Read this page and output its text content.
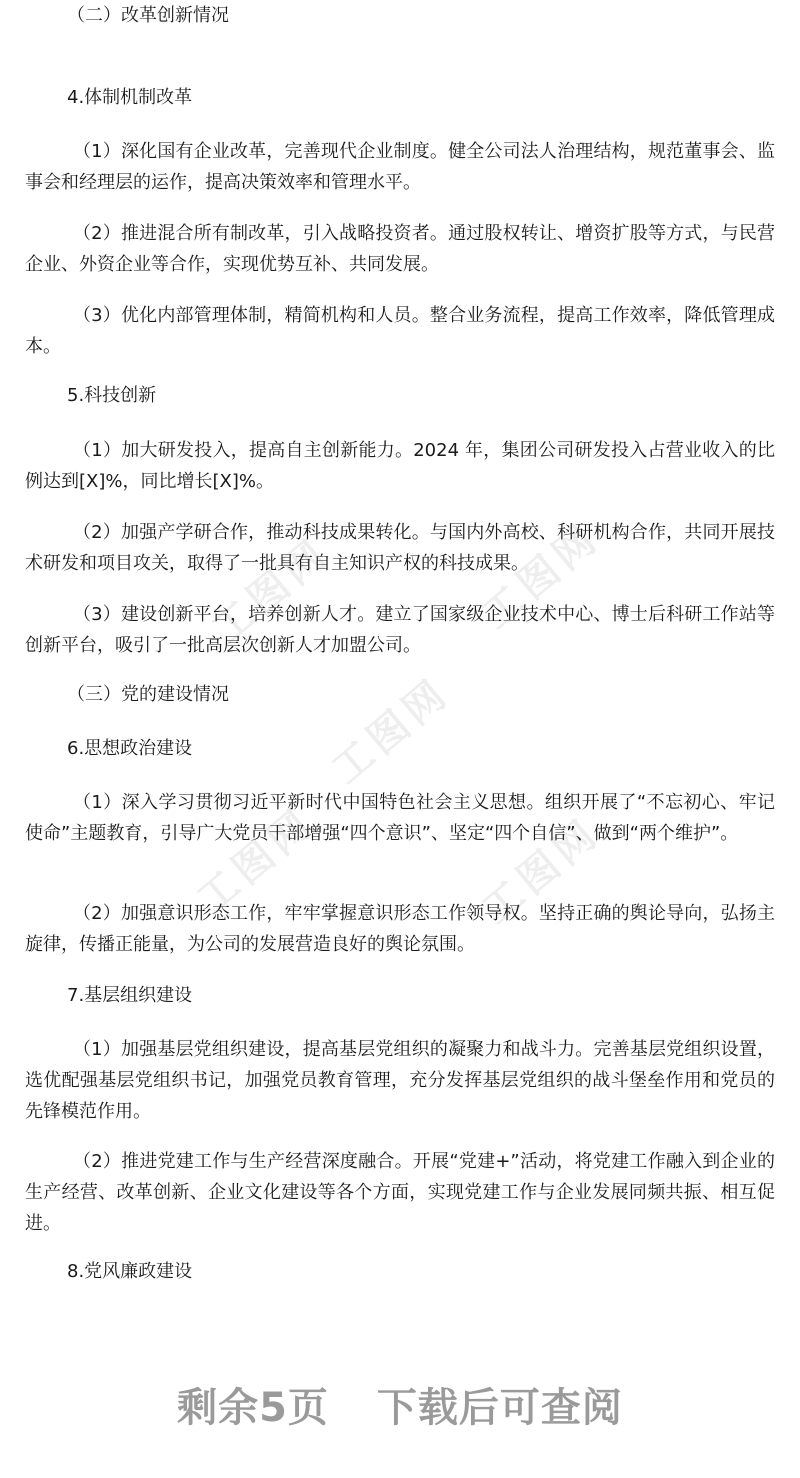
工图网	工图网
工图网
工图网	工图网

（二）改革创新情况

4.体制机制改革

（1）深化国有企业改革，完善现代企业制度。健全公司法人治理结构，规范董事会、监事会和经理层的运作，提高决策效率和管理水平。

（2）推进混合所有制改革，引入战略投资者。通过股权转让、增资扩股等方式，与民营企业、外资企业等合作，实现优势互补、共同发展。

（3）优化内部管理体制，精简机构和人员。整合业务流程，提高工作效率，降低管理成本。

5.科技创新

（1）加大研发投入，提高自主创新能力。2024 年，集团公司研发投入占营业收入的比例达到[X]%，同比增长[X]%。

（2）加强产学研合作，推动科技成果转化。与国内外高校、科研机构合作，共同开展技术研发和项目攻关，取得了一批具有自主知识产权的科技成果。

（3）建设创新平台，培养创新人才。建立了国家级企业技术中心、博士后科研工作站等创新平台，吸引了一批高层次创新人才加盟公司。

（三）党的建设情况

6.思想政治建设

（1）深入学习贯彻习近平新时代中国特色社会主义思想。组织开展了“不忘初心、牢记使命”主题教育，引导广大党员干部增强“四个意识”、坚定“四个自信”、做到“两个维护”。

（2）加强意识形态工作，牢牢掌握意识形态工作领导权。坚持正确的舆论导向，弘扬主旋律，传播正能量，为公司的发展营造良好的舆论氛围。

7.基层组织建设

（1）加强基层党组织建设，提高基层党组织的凝聚力和战斗力。完善基层党组织设置，选优配强基层党组织书记，加强党员教育管理，充分发挥基层党组织的战斗堡垒作用和党员的先锋模范作用。

（2）推进党建工作与生产经营深度融合。开展“党建+”活动，将党建工作融入到企业的生产经营、改革创新、企业文化建设等各个方面，实现党建工作与企业发展同频共振、相互促进。

8.党风廉政建设

剩余5页 下载后可查阅
